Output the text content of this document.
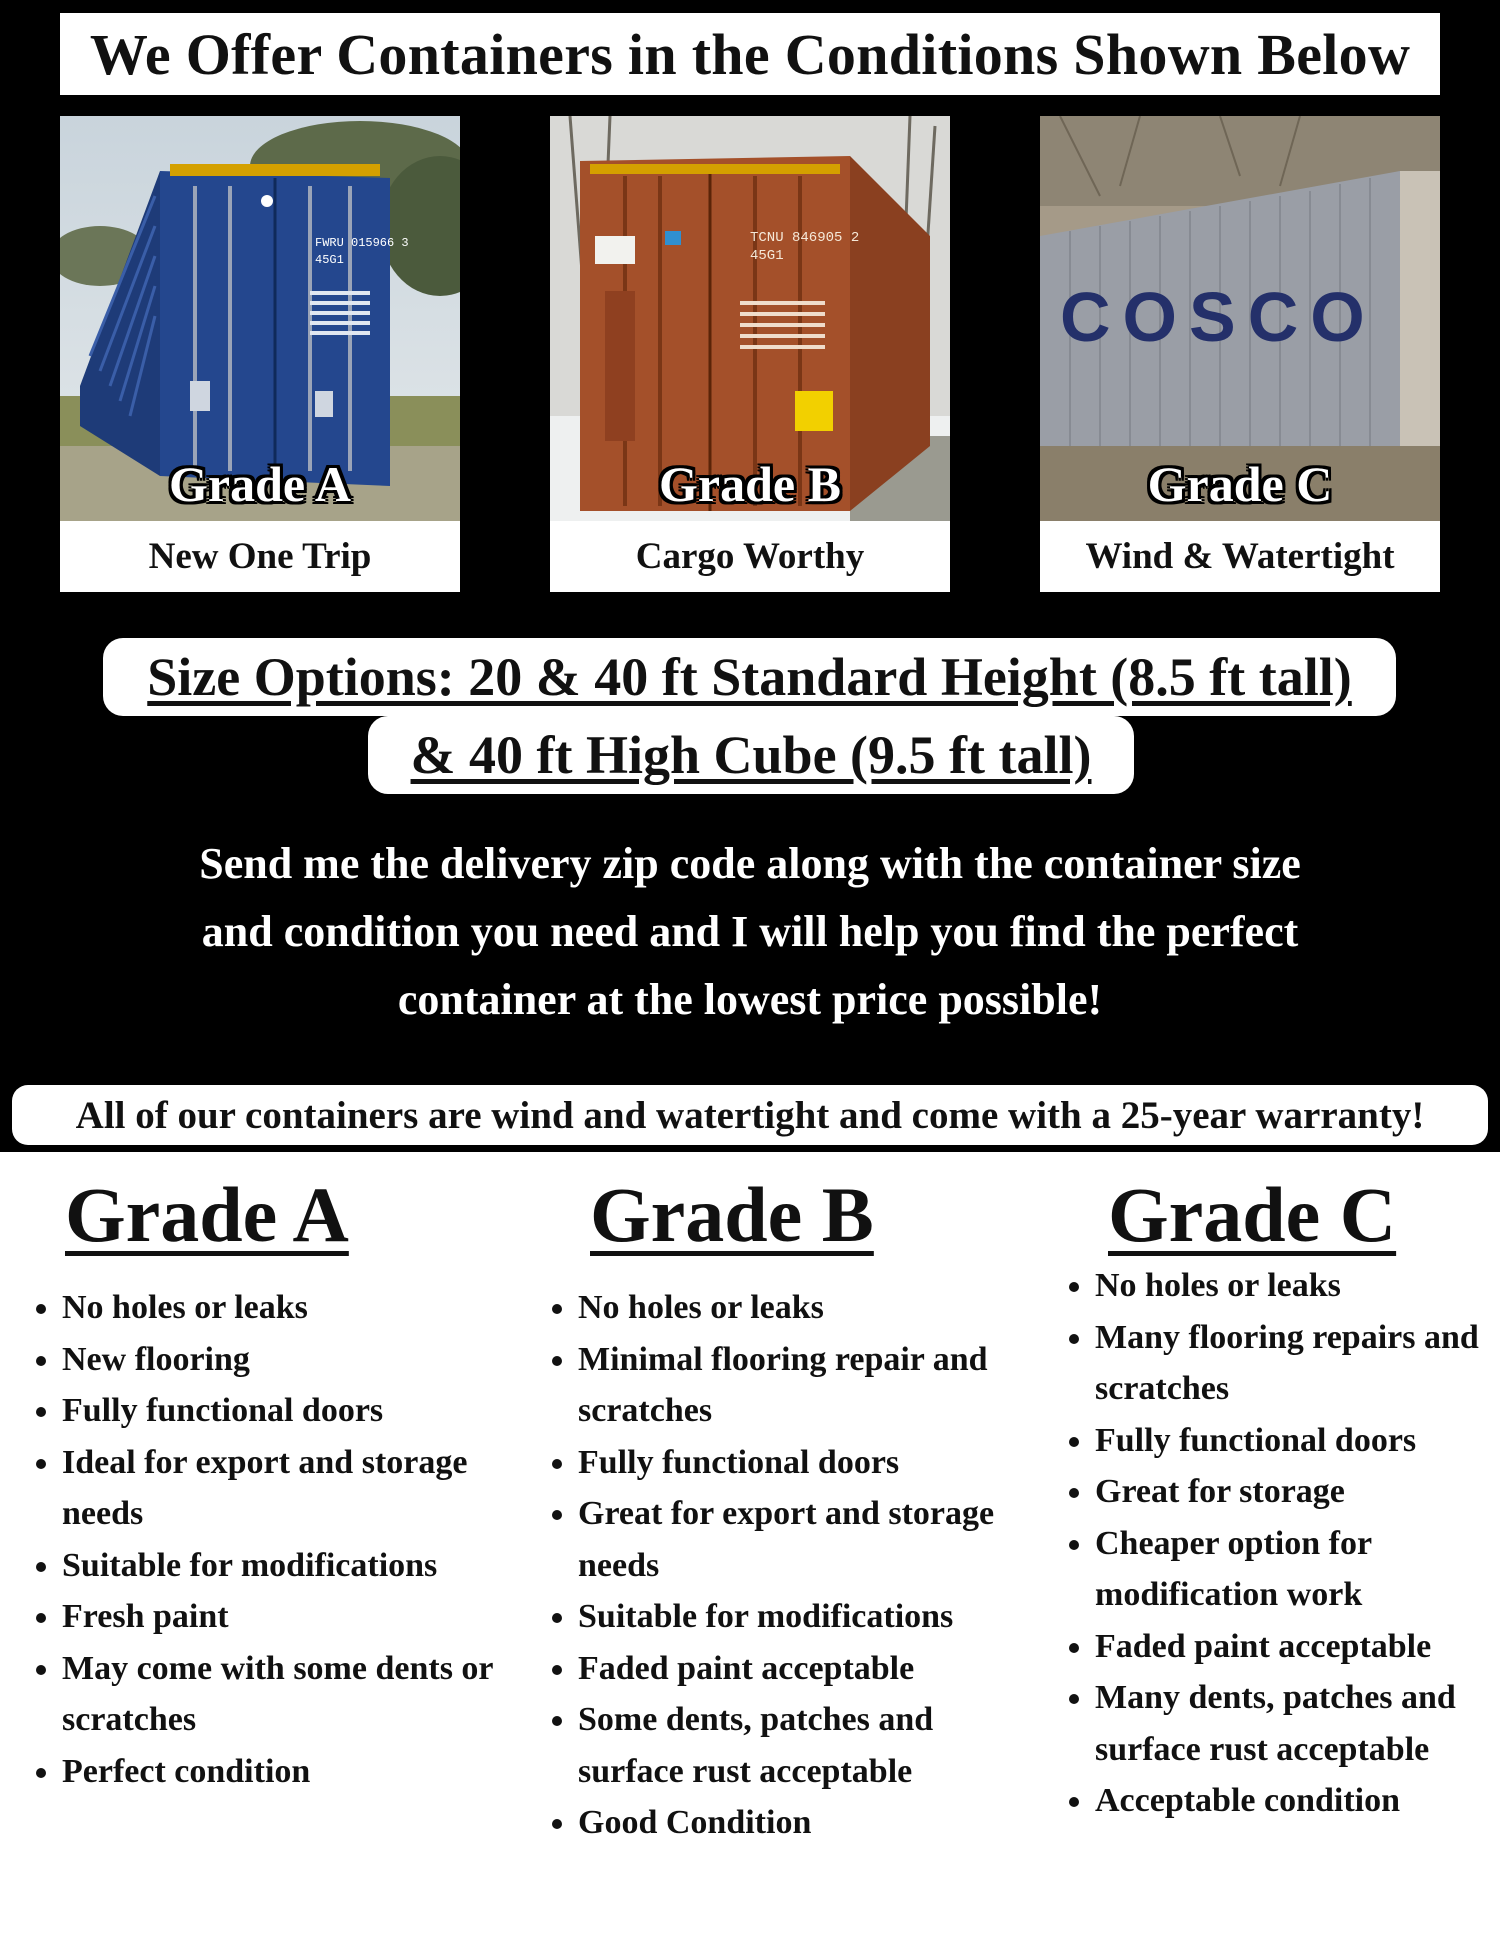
We Offer Containers in the Conditions Shown Below
FWRU 015966 3
45G1
Grade A
New One Trip
TCNU 846905 2
45G1
Grade B
Cargo Worthy
COSCO
Grade C
Wind & Watertight
Size Options: 20 & 40 ft Standard Height (8.5 ft tall)
& 40 ft High Cube (9.5 ft tall)
Send me the delivery zip code along with the container size
and condition you need and I will help you find the perfect
container at the lowest price possible!
All of our containers are wind and watertight and come with a 25-year warranty!
Grade A
• No holes or leaks
• New flooring
• Fully functional doors
• Ideal for export and storage needs
• Suitable for modifications
• Fresh paint
• May come with some dents or scratches
• Perfect condition
Grade B
• No holes or leaks
• Minimal flooring repair and scratches
• Fully functional doors
• Great for export and storage needs
• Suitable for modifications
• Faded paint acceptable
• Some dents, patches and surface rust acceptable
• Good Condition
Grade C
• No holes or leaks
• Many flooring repairs and scratches
• Fully functional doors
• Great for storage
• Cheaper option for modification work
• Faded paint acceptable
• Many dents, patches and surface rust acceptable
• Acceptable condition
